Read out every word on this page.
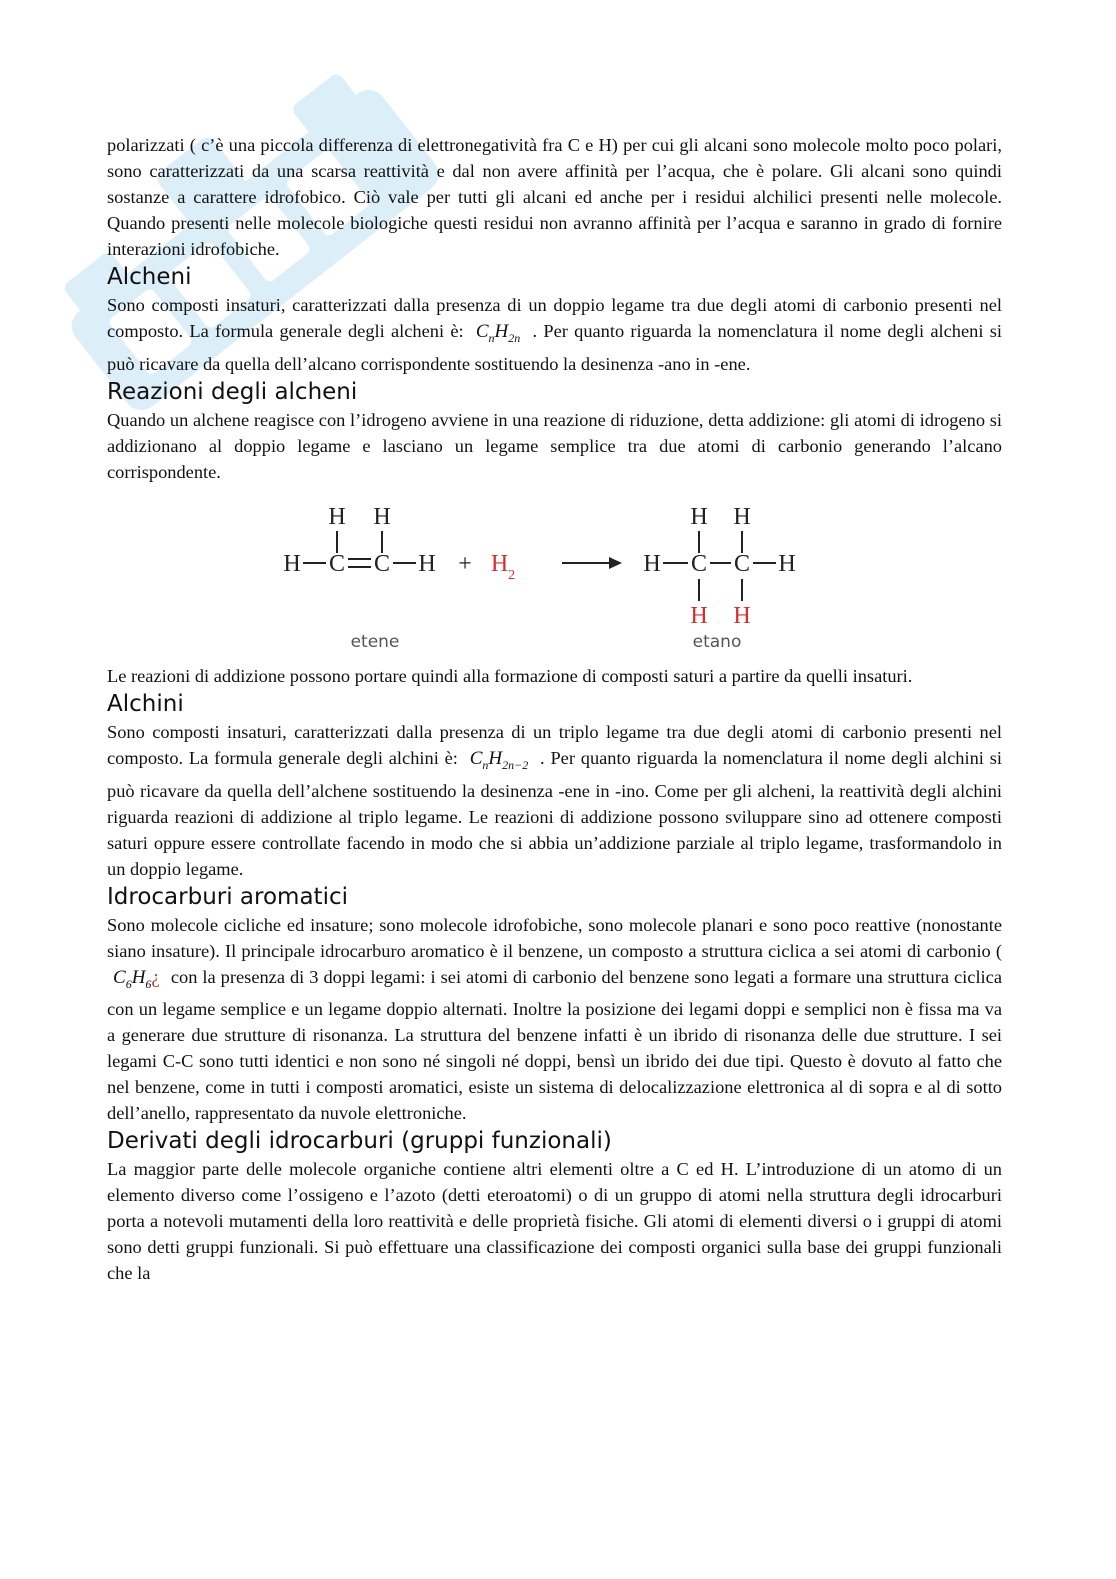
polarizzati ( c’è una piccola differenza di elettronegatività fra C e H) per cui gli alcani sono molecole molto poco polari, sono caratterizzati da una scarsa reattività e dal non avere affinità per l’acqua, che è polare. Gli alcani sono quindi sostanze a carattere idrofobico. Ciò vale per tutti gli alcani ed anche per i residui alchilici presenti nelle molecole. Quando presenti nelle molecole biologiche questi residui non avranno affinità per l’acqua e saranno in grado di fornire interazioni idrofobiche.

Alcheni

Sono composti insaturi, caratterizzati dalla presenza di un doppio legame tra due degli atomi di carbonio presenti nel composto. La formula generale degli alcheni è: $C_nH_{2n}$ . Per quanto riguarda la nomenclatura il nome degli alcheni si può ricavare da quella dell’alcano corrispondente sostituendo la desinenza -ano in -ene.

Reazioni degli alcheni

Quando un alchene reagisce con l’idrogeno avviene in una reazione di riduzione, detta addizione: gli atomi di idrogeno si addizionano al doppio legame e lasciano un legame semplice tra due atomi di carbonio generando l’alcano corrispondente.

H H
H C C $H + H_2$
H H
H C C H
H H
etene	etano

Le reazioni di addizione possono portare quindi alla formazione di composti saturi a partire da quelli insaturi.

Alchini

Sono composti insaturi, caratterizzati dalla presenza di un triplo legame tra due degli atomi di carbonio presenti nel composto. La formula generale degli alchini è: $C_nH_{2n-2}$ . Per quanto riguarda la nomenclatura il nome degli alchini si può ricavare da quella dell’alchene sostituendo la desinenza -ene in -ino. Come per gli alcheni, la reattività degli alchini riguarda reazioni di addizione al triplo legame. Le reazioni di addizione possono sviluppare sino ad ottenere composti saturi oppure essere controllate facendo in modo che si abbia un’addizione parziale al triplo legame, trasformandolo in un doppio legame.

Idrocarburi aromatici

Sono molecole cicliche ed insature; sono molecole idrofobiche, sono molecole planari e sono poco reattive (nonostante siano insature). Il principale idrocarburo aromatico è il benzene, un composto a struttura ciclica a sei atomi di carbonio ( $C_6H_6¿$ con la presenza di 3 doppi legami: i sei atomi di carbonio del benzene sono legati a formare una struttura ciclica con un legame semplice e un legame doppio alternati. Inoltre la posizione dei legami doppi e semplici non è fissa ma va a generare due strutture di risonanza. La struttura del benzene infatti è un ibrido di risonanza delle due strutture. I sei legami C-C sono tutti identici e non sono né singoli né doppi, bensì un ibrido dei due tipi. Questo è dovuto al fatto che nel benzene, come in tutti i composti aromatici, esiste un sistema di delocalizzazione elettronica al di sopra e al di sotto dell’anello, rappresentato da nuvole elettroniche.

Derivati degli idrocarburi (gruppi funzionali)

La maggior parte delle molecole organiche contiene altri elementi oltre a C ed H. L’introduzione di un atomo di un elemento diverso come l’ossigeno e l’azoto (detti eteroatomi) o di un gruppo di atomi nella struttura degli idrocarburi porta a notevoli mutamenti della loro reattività e delle proprietà fisiche. Gli atomi di elementi diversi o i gruppi di atomi sono detti gruppi funzionali. Si può effettuare una classificazione dei composti organici sulla base dei gruppi funzionali che la
